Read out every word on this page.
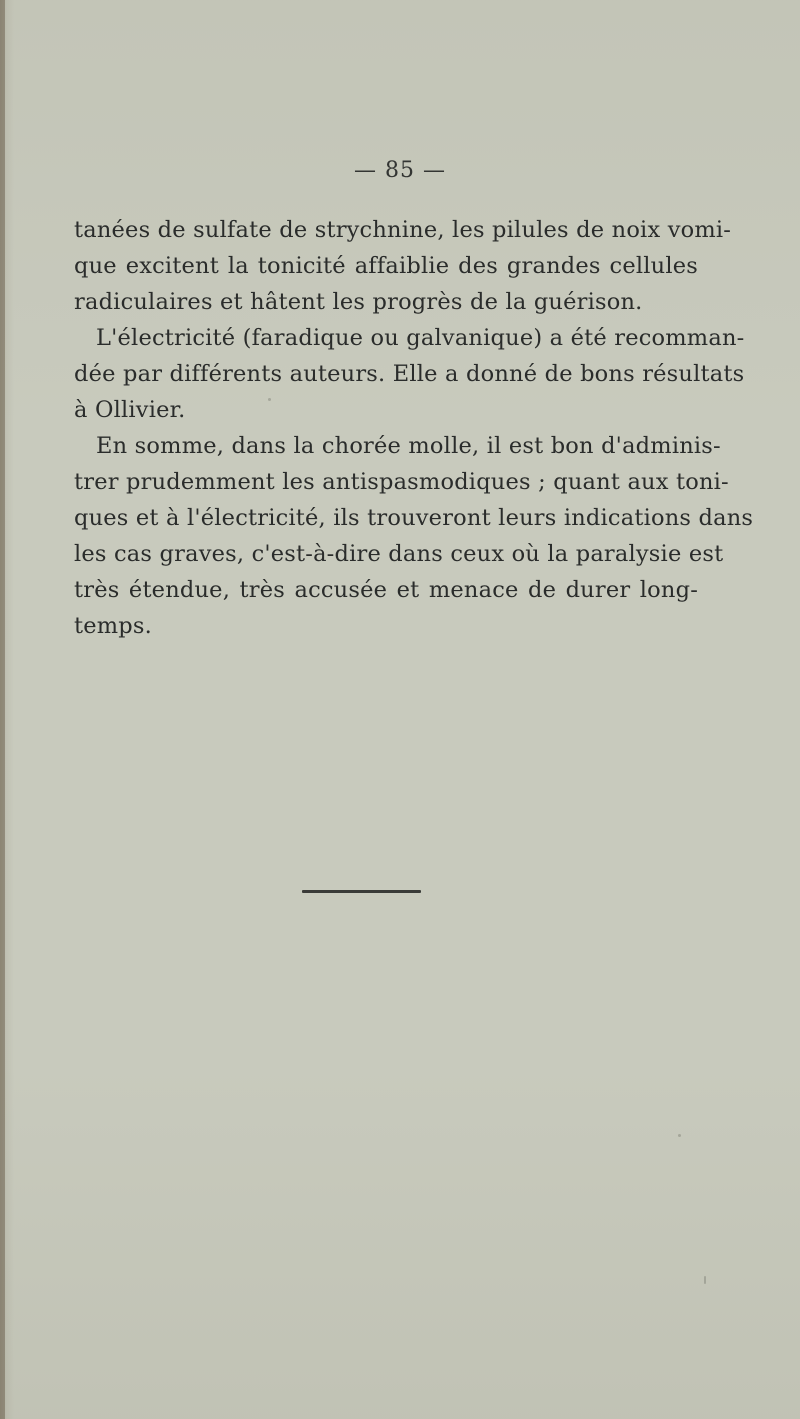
— 85 —
tanées de sulfate de strychnine, les pilules de noix vomi-
que excitent la tonicité affaiblie des grandes cellules
radiculaires et hâtent les progrès de la guérison.
L'électricité (faradique ou galvanique) a été recomman-
dée par différents auteurs. Elle a donné de bons résultats
à Ollivier.
En somme, dans la chorée molle, il est bon d'adminis-
trer prudemment les antispasmodiques ; quant aux toni-
ques et à l'électricité, ils trouveront leurs indications dans
les cas graves, c'est-à-dire dans ceux où la paralysie est
très étendue, très accusée et menace de durer long-
temps.
